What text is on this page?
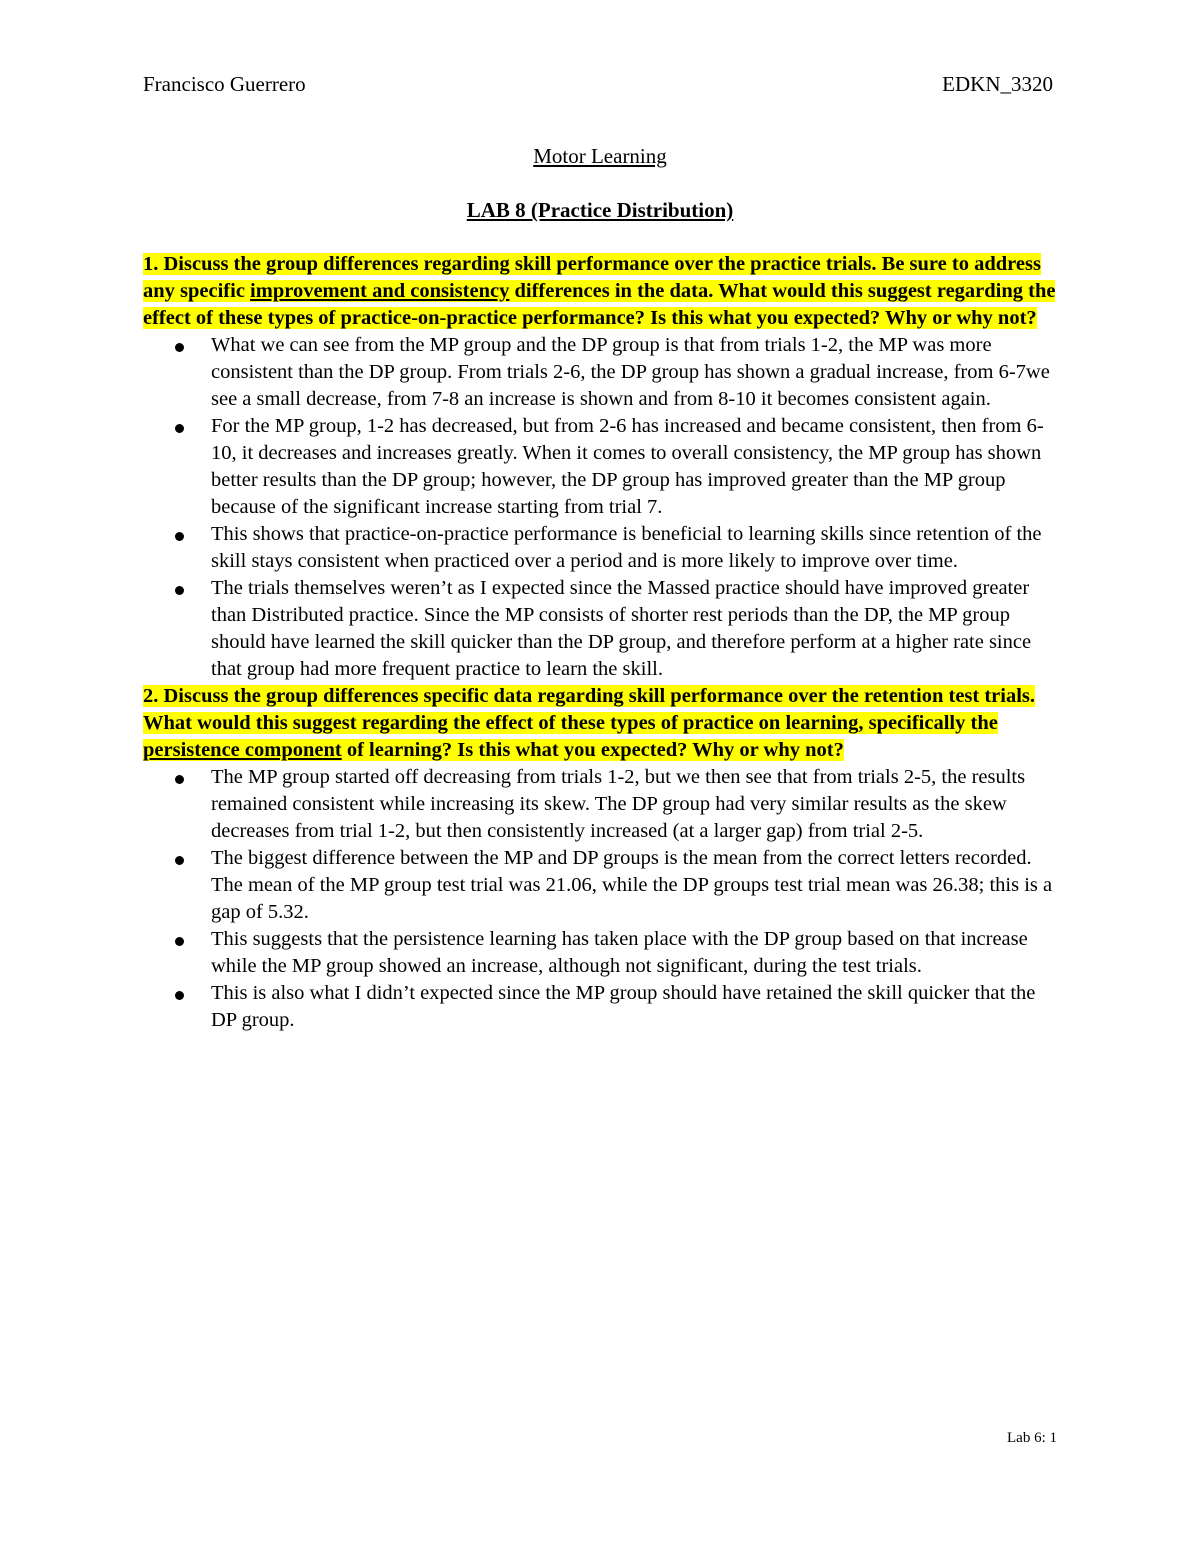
Francisco Guerrero	EDKN_3320
Motor Learning
LAB 8 (Practice Distribution)

1. Discuss the group differences regarding skill performance over the practice trials. Be sure to address any specific improvement and consistency differences in the data. What would this suggest regarding the effect of these types of practice-on-practice performance? Is this what you expected? Why or why not?

What we can see from the MP group and the DP group is that from trials 1-2, the MP was more consistent than the DP group. From trials 2-6, the DP group has shown a gradual increase, from 6-7we see a small decrease, from 7-8 an increase is shown and from 8-10 it becomes consistent again.
For the MP group, 1-2 has decreased, but from 2-6 has increased and became consistent, then from 6-10, it decreases and increases greatly. When it comes to overall consistency, the MP group has shown better results than the DP group; however, the DP group has improved greater than the MP group because of the significant increase starting from trial 7.
This shows that practice-on-practice performance is beneficial to learning skills since retention of the skill stays consistent when practiced over a period and is more likely to improve over time.
The trials themselves weren’t as I expected since the Massed practice should have improved greater than Distributed practice. Since the MP consists of shorter rest periods than the DP, the MP group should have learned the skill quicker than the DP group, and therefore perform at a higher rate since that group had more frequent practice to learn the skill.

2. Discuss the group differences specific data regarding skill performance over the retention test trials. What would this suggest regarding the effect of these types of practice on learning, specifically the persistence component of learning? Is this what you expected? Why or why not?

The MP group started off decreasing from trials 1-2, but we then see that from trials 2-5, the results remained consistent while increasing its skew. The DP group had very similar results as the skew decreases from trial 1-2, but then consistently increased (at a larger gap) from trial 2-5.
The biggest difference between the MP and DP groups is the mean from the correct letters recorded. The mean of the MP group test trial was 21.06, while the DP groups test trial mean was 26.38; this is a gap of 5.32.
This suggests that the persistence learning has taken place with the DP group based on that increase while the MP group showed an increase, although not significant, during the test trials.
This is also what I didn’t expected since the MP group should have retained the skill quicker that the DP group.
Lab 6: 1
